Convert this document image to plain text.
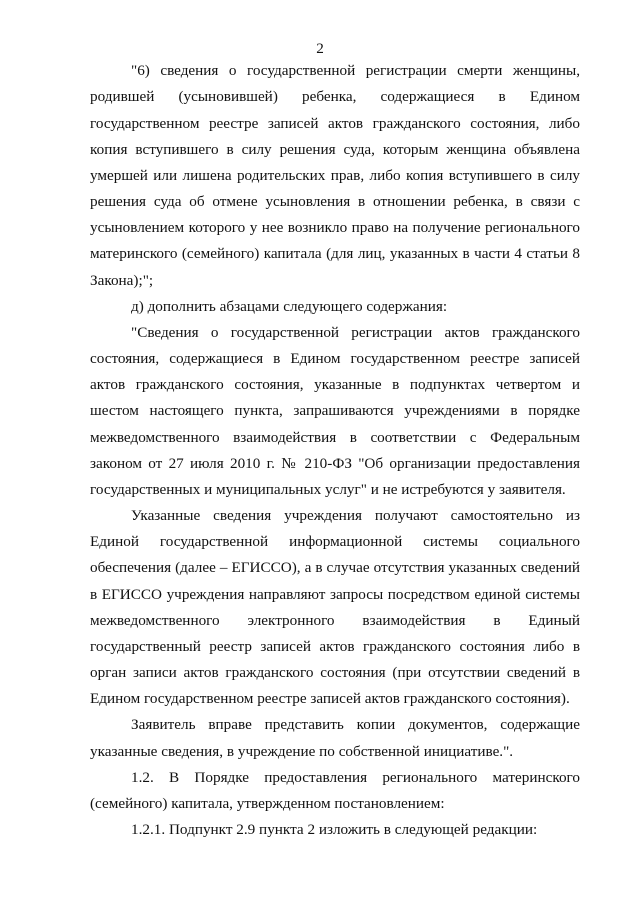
2
"6) сведения о государственной регистрации смерти женщины,
родившей (усыновившей) ребенка, содержащиеся в Едином
государственном реестре записей актов гражданского состояния, либо
копия вступившего в силу решения суда, которым женщина объявлена
умершей или лишена родительских прав, либо копия вступившего в силу
решения суда об отмене усыновления в отношении ребенка, в связи с
усыновлением которого у нее возникло право на получение регионального
материнского (семейного) капитала (для лиц, указанных в части 4 статьи 8
Закона);";
д) дополнить абзацами следующего содержания:
"Сведения о государственной регистрации актов гражданского
состояния, содержащиеся в Едином государственном реестре записей
актов гражданского состояния, указанные в подпунктах четвертом и
шестом настоящего пункта, запрашиваются учреждениями в порядке
межведомственного взаимодействия в соответствии с Федеральным
законом от 27 июля 2010 г. № 210-ФЗ "Об организации предоставления
государственных и муниципальных услуг" и не истребуются у заявителя.
Указанные сведения учреждения получают самостоятельно из
Единой государственной информационной системы социального
обеспечения (далее – ЕГИССО), а в случае отсутствия указанных сведений
в ЕГИССО учреждения направляют запросы посредством единой системы
межведомственного электронного взаимодействия в Единый
государственный реестр записей актов гражданского состояния либо в
орган записи актов гражданского состояния (при отсутствии сведений в
Едином государственном реестре записей актов гражданского состояния).
Заявитель вправе представить копии документов, содержащие
указанные сведения, в учреждение по собственной инициативе.".
1.2. В Порядке предоставления регионального материнского
(семейного) капитала, утвержденном постановлением:
1.2.1. Подпункт 2.9 пункта 2 изложить в следующей редакции:
